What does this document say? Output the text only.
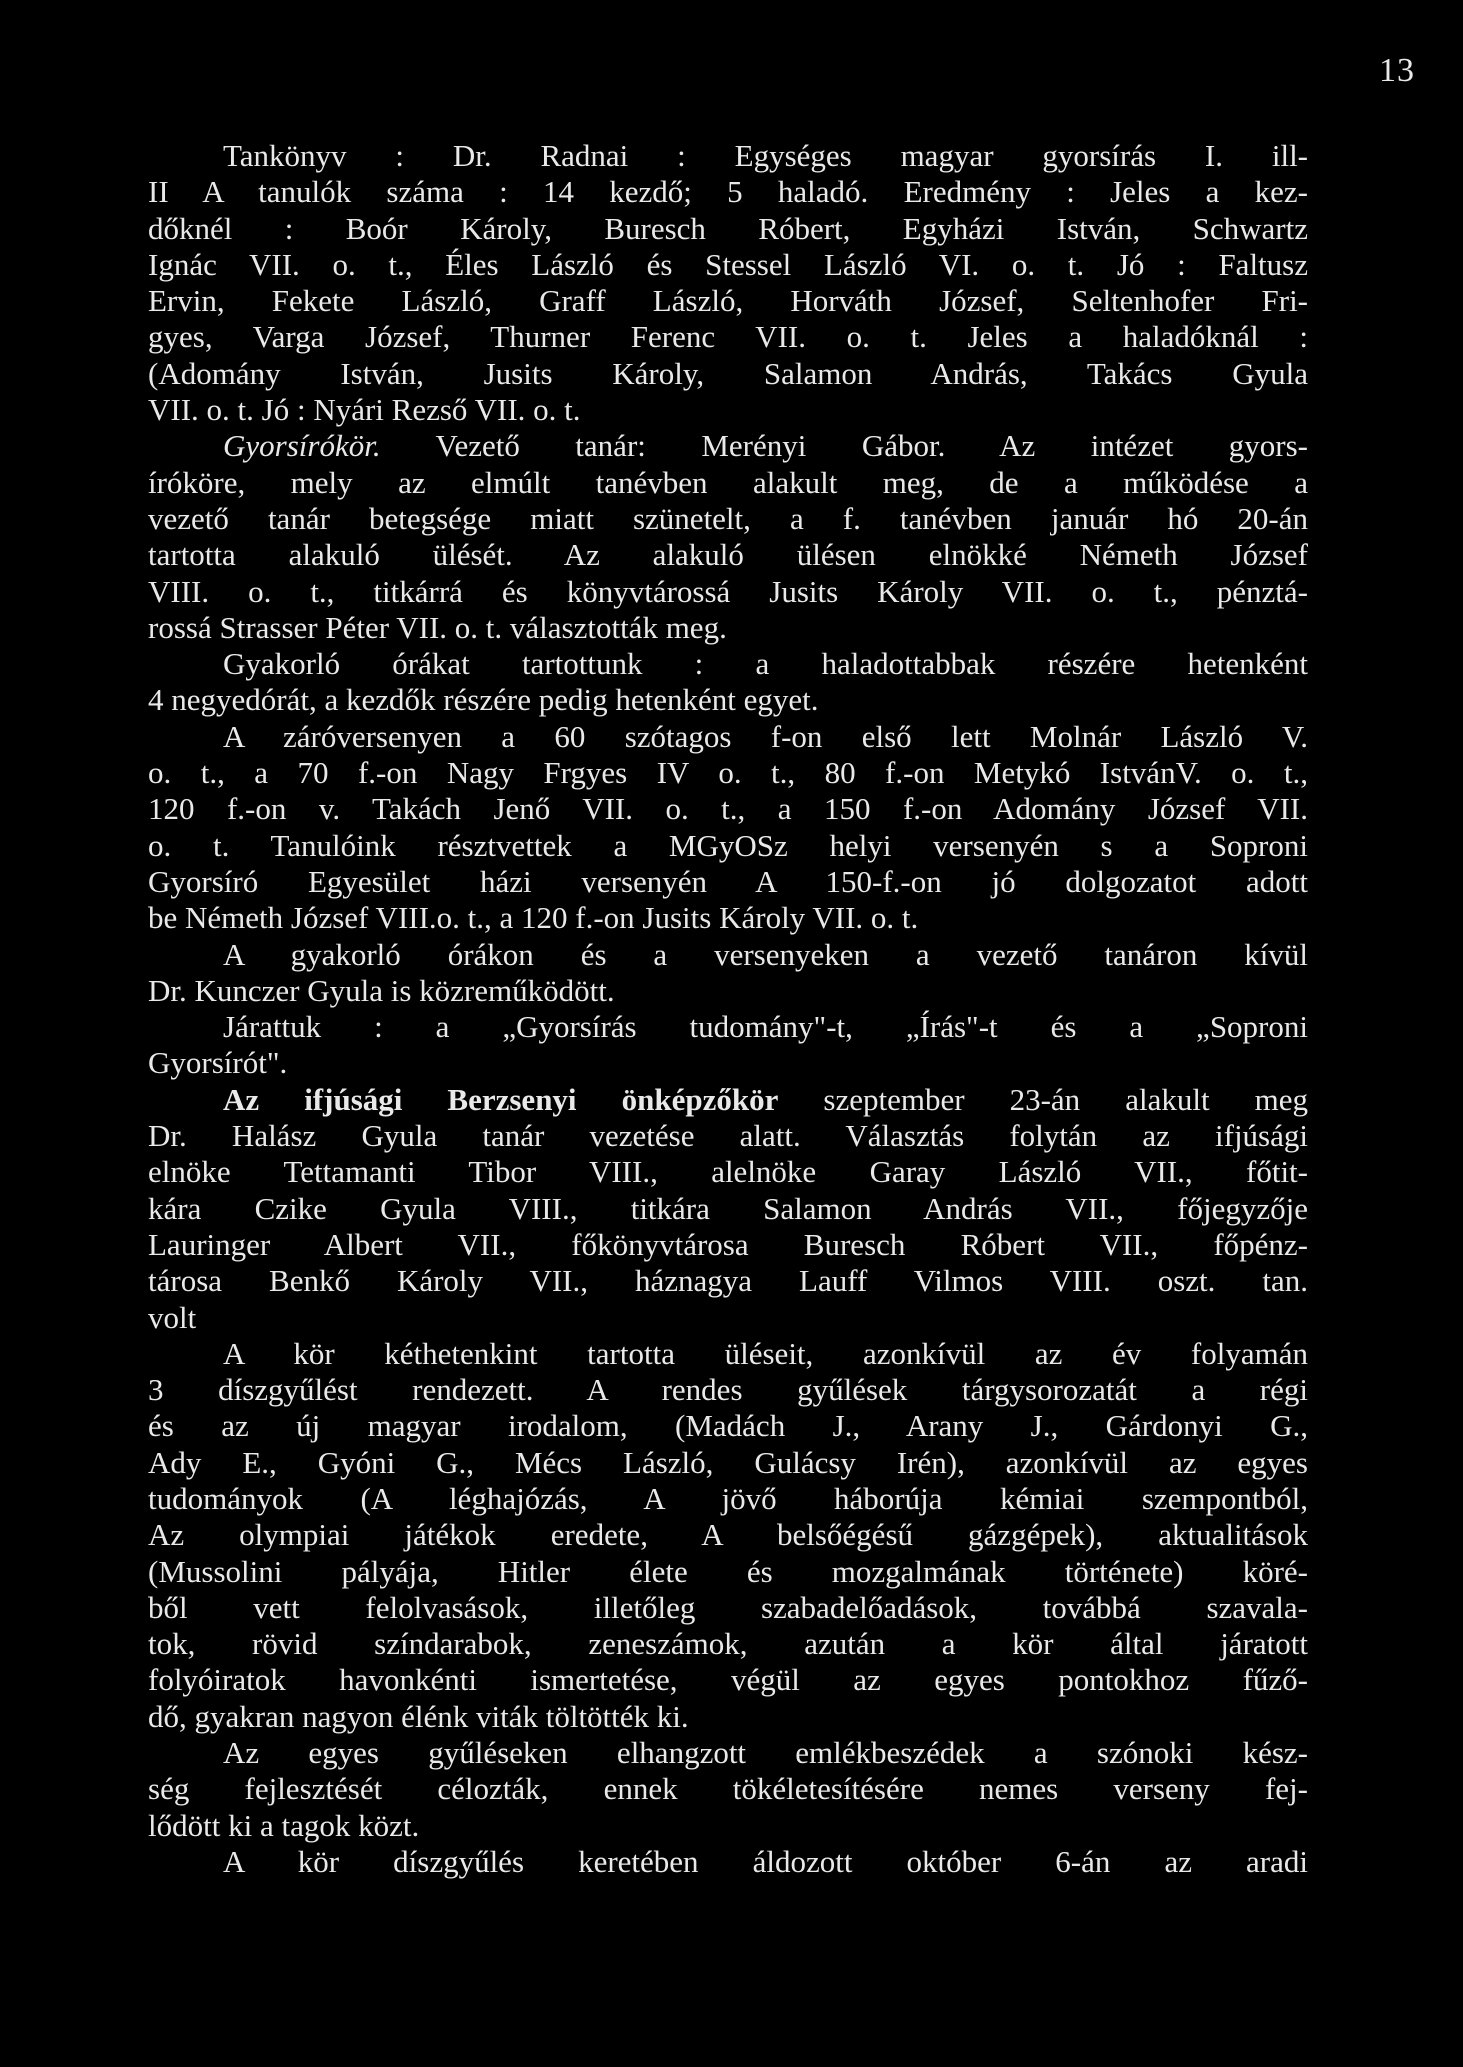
13
Tankönyv : Dr. Radnai : Egységes magyar gyorsírás I. ill-
II A tanulók száma : 14 kezdő; 5 haladó. Eredmény : Jeles a kez-
dőknél : Boór Károly, Buresch Róbert, Egyházi István, Schwartz
Ignác VII. o. t., Éles László és Stessel László VI. o. t. Jó : Faltusz
Ervin, Fekete László, Graff László, Horváth József, Seltenhofer Fri-
gyes, Varga József, Thurner Ferenc VII. o. t. Jeles a haladóknál :
(Adomány István, Jusits Károly, Salamon András, Takács Gyula
VII. o. t. Jó : Nyári Rezső VII. o. t.
Gyorsírókör. Vezető tanár: Merényi Gábor. Az intézet gyors-
íróköre, mely az elmúlt tanévben alakult meg, de a működése a
vezető tanár betegsége miatt szünetelt, a f. tanévben január hó 20-án
tartotta alakuló ülését. Az alakuló ülésen elnökké Németh József
VIII. o. t., titkárrá és könyvtárossá Jusits Károly VII. o. t., pénztá-
rossá Strasser Péter VII. o. t. választották meg.
Gyakorló órákat tartottunk : a haladottabbak részére hetenként
4 negyedórát, a kezdők részére pedig hetenként egyet.
A záróversenyen a 60 szótagos f-on első lett Molnár László V.
o. t., a 70 f.-on Nagy Frgyes IV o. t., 80 f.-on Metykó IstvánV. o. t.,
120 f.-on v. Takách Jenő VII. o. t., a 150 f.-on Adomány József VII.
o. t. Tanulóink résztvettek a MGyOSz helyi versenyén s a Soproni
Gyorsíró Egyesület házi versenyén A 150-f.-on jó dolgozatot adott
be Németh József VIII.o. t., a 120 f.-on Jusits Károly VII. o. t.
A gyakorló órákon és a versenyeken a vezető tanáron kívül
Dr. Kunczer Gyula is közreműködött.
Járattuk : a „Gyorsírás tudomány"-t, „Írás"-t és a „Soproni
Gyorsírót".
Az ifjúsági Berzsenyi önképzőkör szeptember 23-án alakult meg
Dr. Halász Gyula tanár vezetése alatt. Választás folytán az ifjúsági
elnöke Tettamanti Tibor VIII., alelnöke Garay László VII., főtit-
kára Czike Gyula VIII., titkára Salamon András VII., főjegyzője
Lauringer Albert VII., főkönyvtárosa Buresch Róbert VII., főpénz-
tárosa Benkő Károly VII., háznagya Lauff Vilmos VIII. oszt. tan.
volt
A kör kéthetenkint tartotta üléseit, azonkívül az év folyamán
3 díszgyűlést rendezett. A rendes gyűlések tárgysorozatát a régi
és az új magyar irodalom, (Madách J., Arany J., Gárdonyi G.,
Ady E., Gyóni G., Mécs László, Gulácsy Irén), azonkívül az egyes
tudományok (A léghajózás, A jövő háborúja kémiai szempontból,
Az olympiai játékok eredete, A belsőégésű gázgépek), aktualitások
(Mussolini pályája, Hitler élete és mozgalmának története) köré-
ből vett felolvasások, illetőleg szabadelőadások, továbbá szavala-
tok, rövid színdarabok, zeneszámok, azután a kör által járatott
folyóiratok havonkénti ismertetése, végül az egyes pontokhoz fűző-
dő, gyakran nagyon élénk viták töltötték ki.
Az egyes gyűléseken elhangzott emlékbeszédek a szónoki kész-
ség fejlesztését célozták, ennek tökéletesítésére nemes verseny fej-
lődött ki a tagok közt.
A kör díszgyűlés keretében áldozott október 6-án az aradi
